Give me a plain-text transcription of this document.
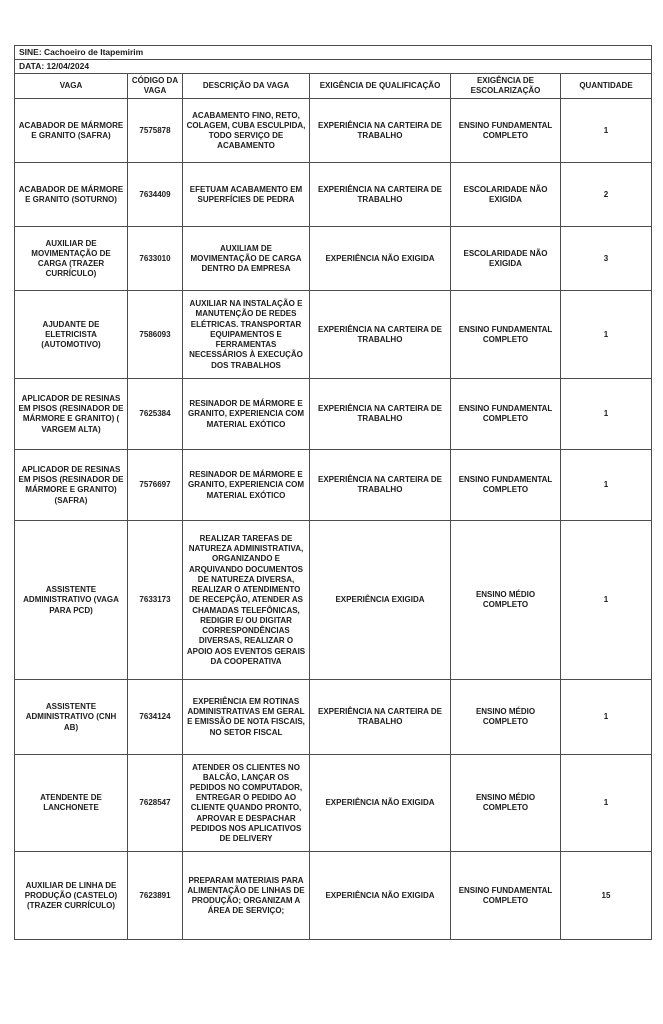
SINE: Cachoeiro de Itapemirim					
DATA: 12/04/2024					
VAGA	CÓDIGO DA VAGA	DESCRIÇÃO DA VAGA	EXIGÊNCIA DE QUALIFICAÇÃO	EXIGÊNCIA DE ESCOLARIZAÇÃO	QUANTIDADE
ACABADOR DE MÁRMORE E GRANITO (SAFRA)	7575878	ACABAMENTO FINO, RETO, COLAGEM, CUBA ESCULPIDA, TODO SERVIÇO DE ACABAMENTO	EXPERIÊNCIA NA CARTEIRA DE TRABALHO	ENSINO FUNDAMENTAL COMPLETO	1
ACABADOR DE MÁRMORE E GRANITO (SOTURNO)	7634409	EFETUAM ACABAMENTO EM SUPERFÍCIES DE PEDRA	EXPERIÊNCIA NA CARTEIRA DE TRABALHO	ESCOLARIDADE NÃO EXIGIDA	2
AUXILIAR DE MOVIMENTAÇÃO DE CARGA (TRAZER CURRÍCULO)	7633010	AUXILIAM DE MOVIMENTAÇÃO DE CARGA DENTRO DA EMPRESA	EXPERIÊNCIA NÃO EXIGIDA	ESCOLARIDADE NÃO EXIGIDA	3
AJUDANTE DE ELETRICISTA (AUTOMOTIVO)	7586093	AUXILIAR NA INSTALAÇÃO E MANUTENÇÃO DE REDES ELÉTRICAS. TRANSPORTAR EQUIPAMENTOS E FERRAMENTAS NECESSÁRIOS À EXECUÇÃO DOS TRABALHOS	EXPERIÊNCIA NA CARTEIRA DE TRABALHO	ENSINO FUNDAMENTAL COMPLETO	1
APLICADOR DE RESINAS EM PISOS (RESINADOR DE MÁRMORE E GRANITO) ( VARGEM ALTA)	7625384	RESINADOR DE MÁRMORE E GRANITO, EXPERIENCIA COM MATERIAL EXÓTICO	EXPERIÊNCIA NA CARTEIRA DE TRABALHO	ENSINO FUNDAMENTAL COMPLETO	1
APLICADOR DE RESINAS EM PISOS (RESINADOR DE MÁRMORE E GRANITO) (SAFRA)	7576697	RESINADOR DE MÁRMORE E GRANITO, EXPERIENCIA COM MATERIAL EXÓTICO	EXPERIÊNCIA NA CARTEIRA DE TRABALHO	ENSINO FUNDAMENTAL COMPLETO	1
ASSISTENTE ADMINISTRATIVO (VAGA PARA PCD)	7633173	REALIZAR TAREFAS DE NATUREZA ADMINISTRATIVA, ORGANIZANDO E ARQUIVANDO DOCUMENTOS DE NATUREZA DIVERSA, REALIZAR O ATENDIMENTO DE RECEPÇÃO, ATENDER AS CHAMADAS TELEFÔNICAS, REDIGIR E/ OU DIGITAR CORRESPONDÊNCIAS DIVERSAS, REALIZAR O APOIO AOS EVENTOS GERAIS DA COOPERATIVA	EXPERIÊNCIA EXIGIDA	ENSINO MÉDIO COMPLETO	1
ASSISTENTE ADMINISTRATIVO (CNH AB)	7634124	EXPERIÊNCIA EM ROTINAS ADMINISTRATIVAS EM GERAL E EMISSÃO DE NOTA FISCAIS, NO SETOR FISCAL	EXPERIÊNCIA NA CARTEIRA DE TRABALHO	ENSINO MÉDIO COMPLETO	1
ATENDENTE DE LANCHONETE	7628547	ATENDER OS CLIENTES NO BALCÃO, LANÇAR OS PEDIDOS NO COMPUTADOR, ENTREGAR O PEDIDO AO CLIENTE QUANDO PRONTO, APROVAR E DESPACHAR PEDIDOS NOS APLICATIVOS DE DELIVERY	EXPERIÊNCIA NÃO EXIGIDA	ENSINO MÉDIO COMPLETO	1
AUXILIAR DE LINHA DE PRODUÇÃO (CASTELO) (TRAZER CURRÍCULO)	7623891	PREPARAM MATERIAIS PARA ALIMENTAÇÃO DE LINHAS DE PRODUÇÃO; ORGANIZAM A ÁREA DE SERVIÇO;	EXPERIÊNCIA NÃO EXIGIDA	ENSINO FUNDAMENTAL COMPLETO	15
